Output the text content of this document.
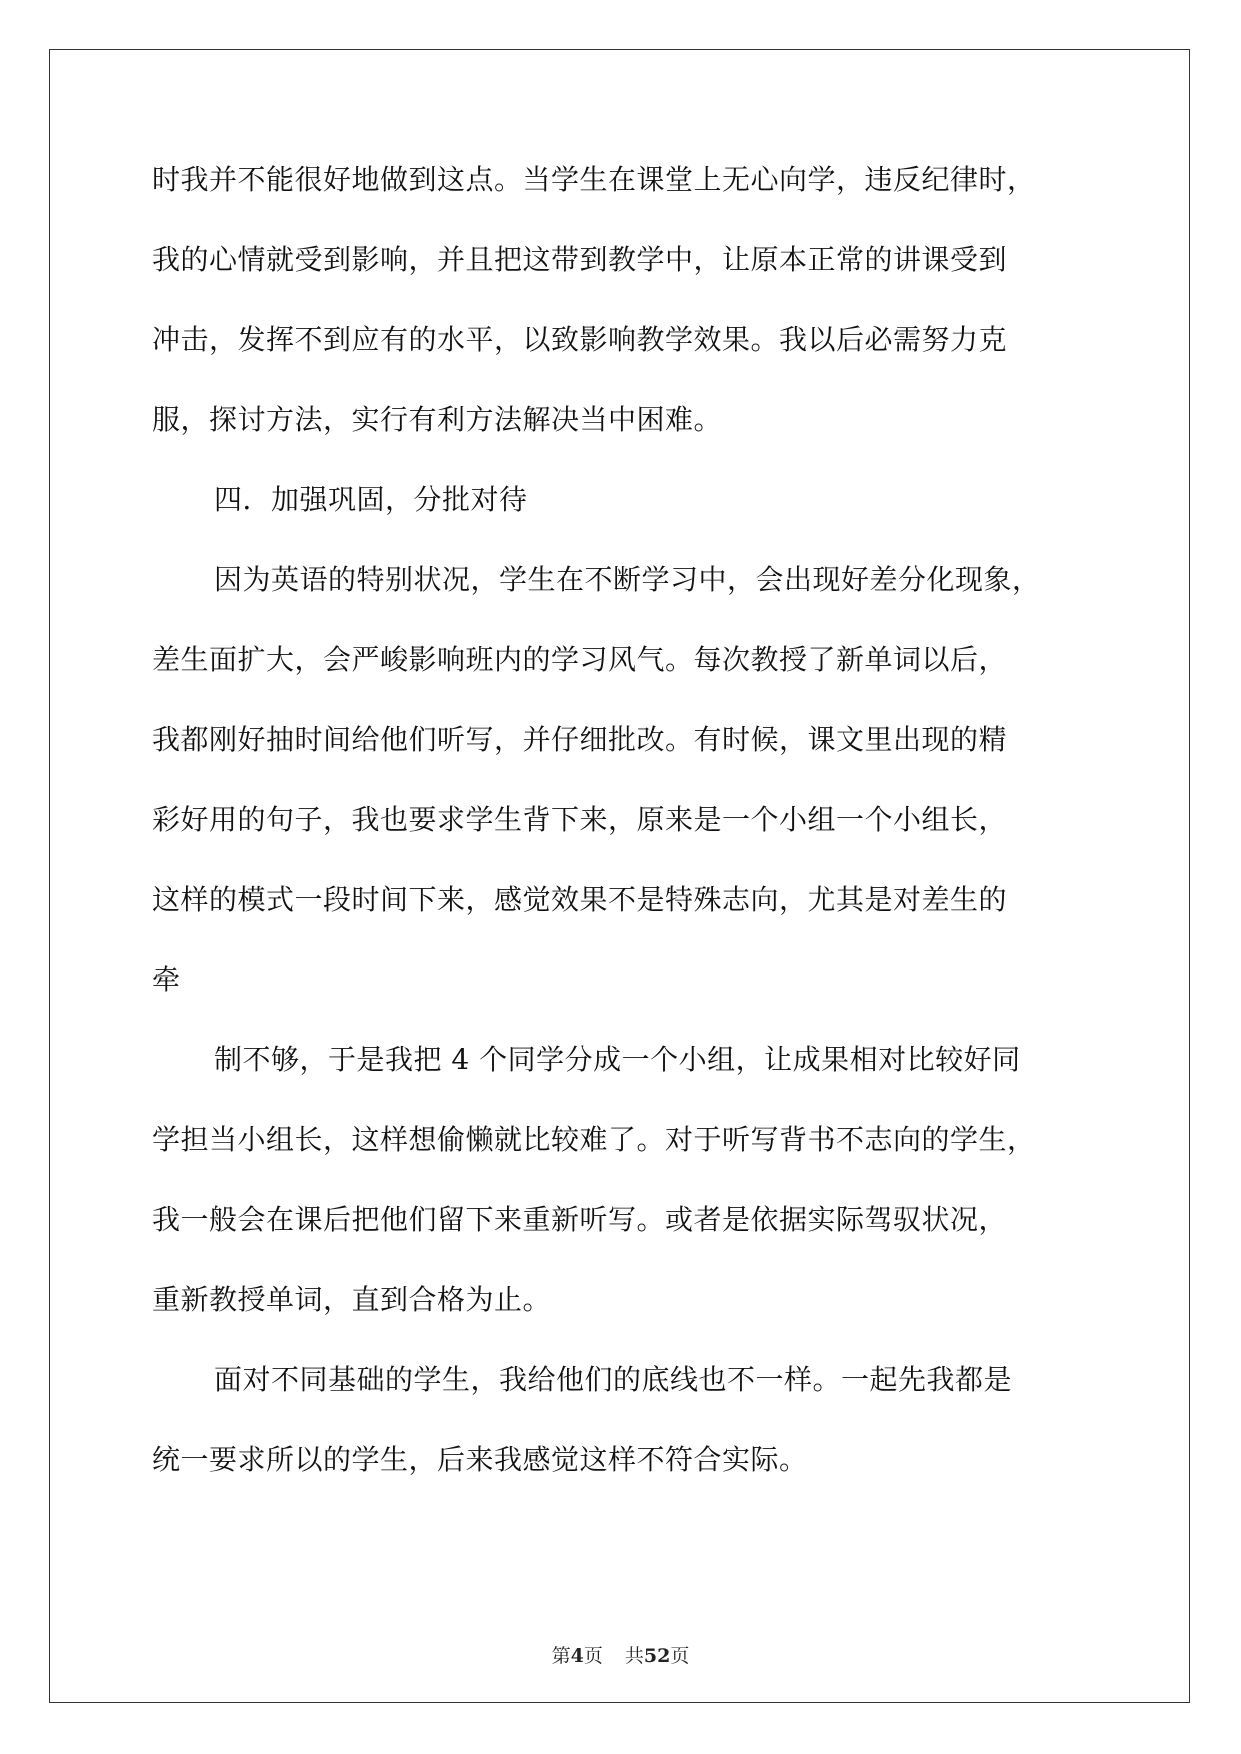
时我并不能很好地做到这点。当学生在课堂上无心向学，违反纪律时，
我的心情就受到影响，并且把这带到教学中，让原本正常的讲课受到
冲击，发挥不到应有的水平，以致影响教学效果。我以后必需努力克
服，探讨方法，实行有利方法解决当中困难。
四．加强巩固，分批对待
因为英语的特别状况，学生在不断学习中，会出现好差分化现象，
差生面扩大，会严峻影响班内的学习风气。每次教授了新单词以后，
我都刚好抽时间给他们听写，并仔细批改。有时候，课文里出现的精
彩好用的句子，我也要求学生背下来，原来是一个小组一个小组长，
这样的模式一段时间下来，感觉效果不是特殊志向，尤其是对差生的
牵
制不够，于是我把 4 个同学分成一个小组，让成果相对比较好同
学担当小组长，这样想偷懒就比较难了。对于听写背书不志向的学生，
我一般会在课后把他们留下来重新听写。或者是依据实际驾驭状况，
重新教授单词，直到合格为止。
面对不同基础的学生，我给他们的底线也不一样。一起先我都是
统一要求所以的学生，后来我感觉这样不符合实际。
第4页 共52页
